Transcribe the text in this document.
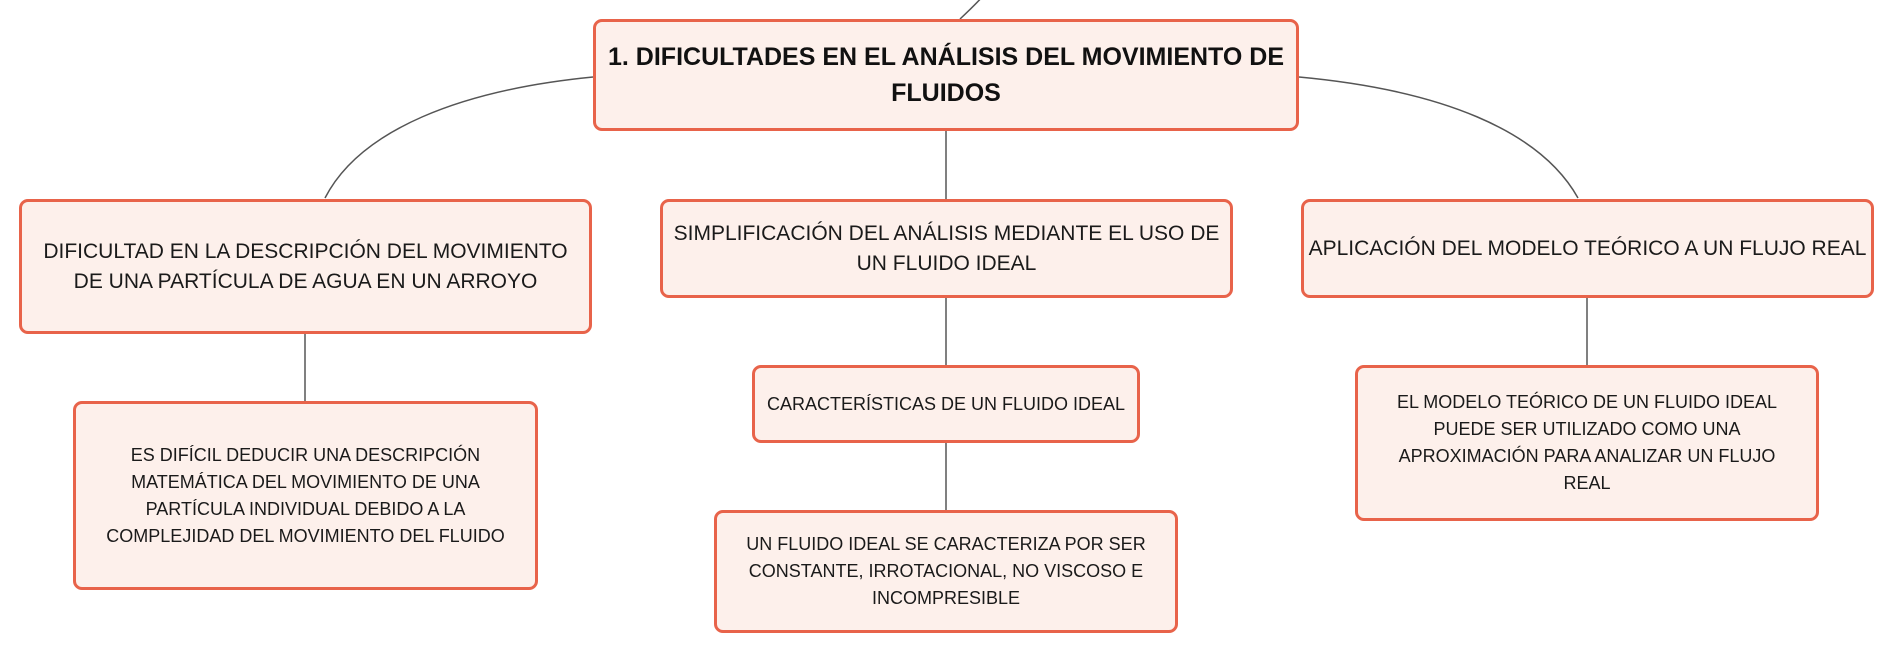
1. DIFICULTADES EN EL ANÁLISIS DEL MOVIMIENTO DE FLUIDOS
DIFICULTAD EN LA DESCRIPCIÓN DEL MOVIMIENTO DE UNA PARTÍCULA DE AGUA EN UN ARROYO
SIMPLIFICACIÓN DEL ANÁLISIS MEDIANTE EL USO DE UN FLUIDO IDEAL
APLICACIÓN DEL MODELO TEÓRICO A UN FLUJO REAL
ES DIFÍCIL DEDUCIR UNA DESCRIPCIÓN MATEMÁTICA DEL MOVIMIENTO DE UNA PARTÍCULA INDIVIDUAL DEBIDO A LA COMPLEJIDAD DEL MOVIMIENTO DEL FLUIDO
CARACTERÍSTICAS DE UN FLUIDO IDEAL
UN FLUIDO IDEAL SE CARACTERIZA POR SER CONSTANTE, IRROTACIONAL, NO VISCOSO E INCOMPRESIBLE
EL MODELO TEÓRICO DE UN FLUIDO IDEAL PUEDE SER UTILIZADO COMO UNA APROXIMACIÓN PARA ANALIZAR UN FLUJO REAL
